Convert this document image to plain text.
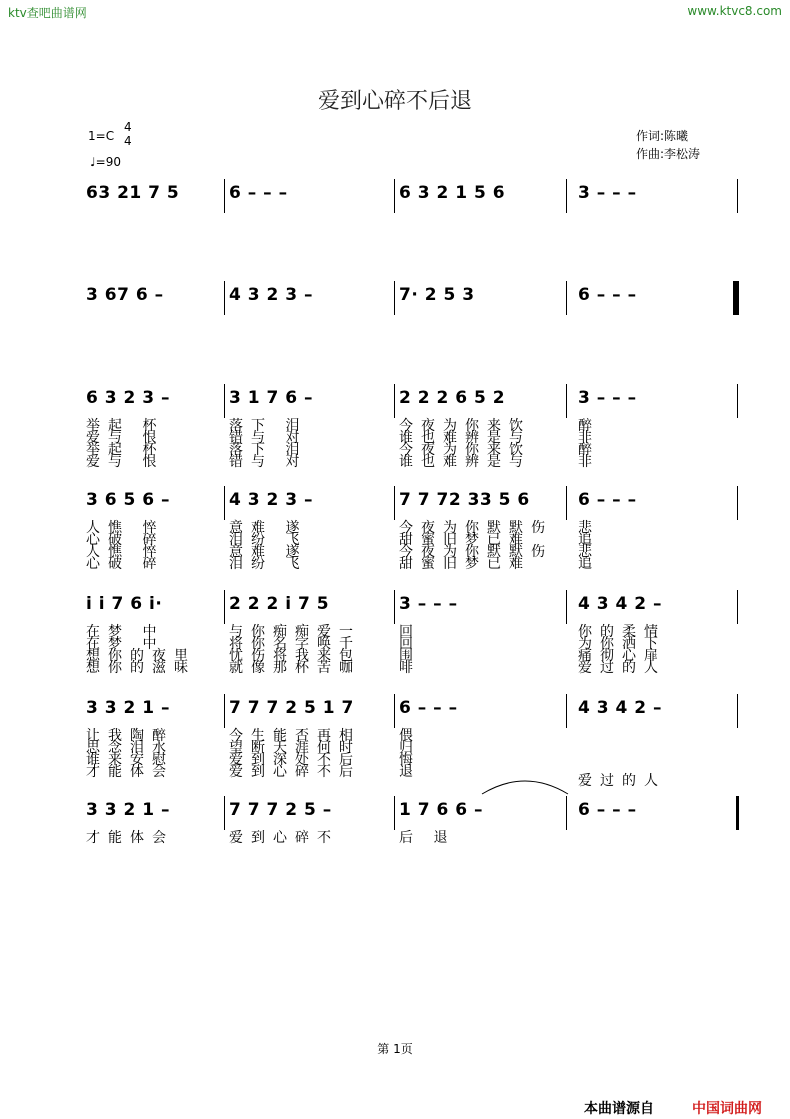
ktv查吧曲谱网	www.ktvc8.com
爱到心碎不后退
1=C
4
4
♩=90
作词:陈曦
作曲:李松涛
63 21 7 5	6 – – –	6 3 2 1 5 6	3 – – –
3 67 6 –	4 3 2 3 –	7· 2 5 3	6 – – –
6 3 2 3 –	3 1 7 6 –	2 2 2 6 5 2	3 – – –
举起 杯	落下 泪	今夜为你来饮	醉
爱与 恨	错与 对	谁也难辨是与	非
举起 杯	落下 泪	今夜为你来饮	醉
爱与 恨	错与 对	谁也难辨是与	非
3 6 5 6 –	4 3 2 3 –	7 7 72 33 5 6	6 – – –
人憔 悴	意难 遂	今夜为你默默伤 悲
心破 碎	泪纷 飞	甜蜜旧梦已难	追
人憔 悴	意难 遂	今夜为你默默伤 悲
心破 碎	泪纷 飞	甜蜜旧梦已难	追
i i 7 6 i·	2 2 2 i 7 5	3 – – –	4 3 4 2 –
在梦 中	与你痴痴爱一	回	你的柔情
在梦 中	将你名字唤千	回	为你洒下
想你的夜里 忧伤将我来包	围	痛彻心扉
想你的滋味 就像那杯苦咖	啡	爱过的人
3 3 2 1 –	7 7 7 2 5 1 7	6 – – –	4 3 4 2 –
让我陶醉	今生能否再相	偎
思念泪水	望断天涯何时	归
谁来安慰	爱到深处不后	悔
才能体会	爱到心碎不后	退
3 3 2 1 –	7 7 7 2 5 –	1 7 6 6 –	6 – – –
才能体会	爱到心碎不	后 退
爱过的人
第 1页
本曲谱源自	中国词曲网
